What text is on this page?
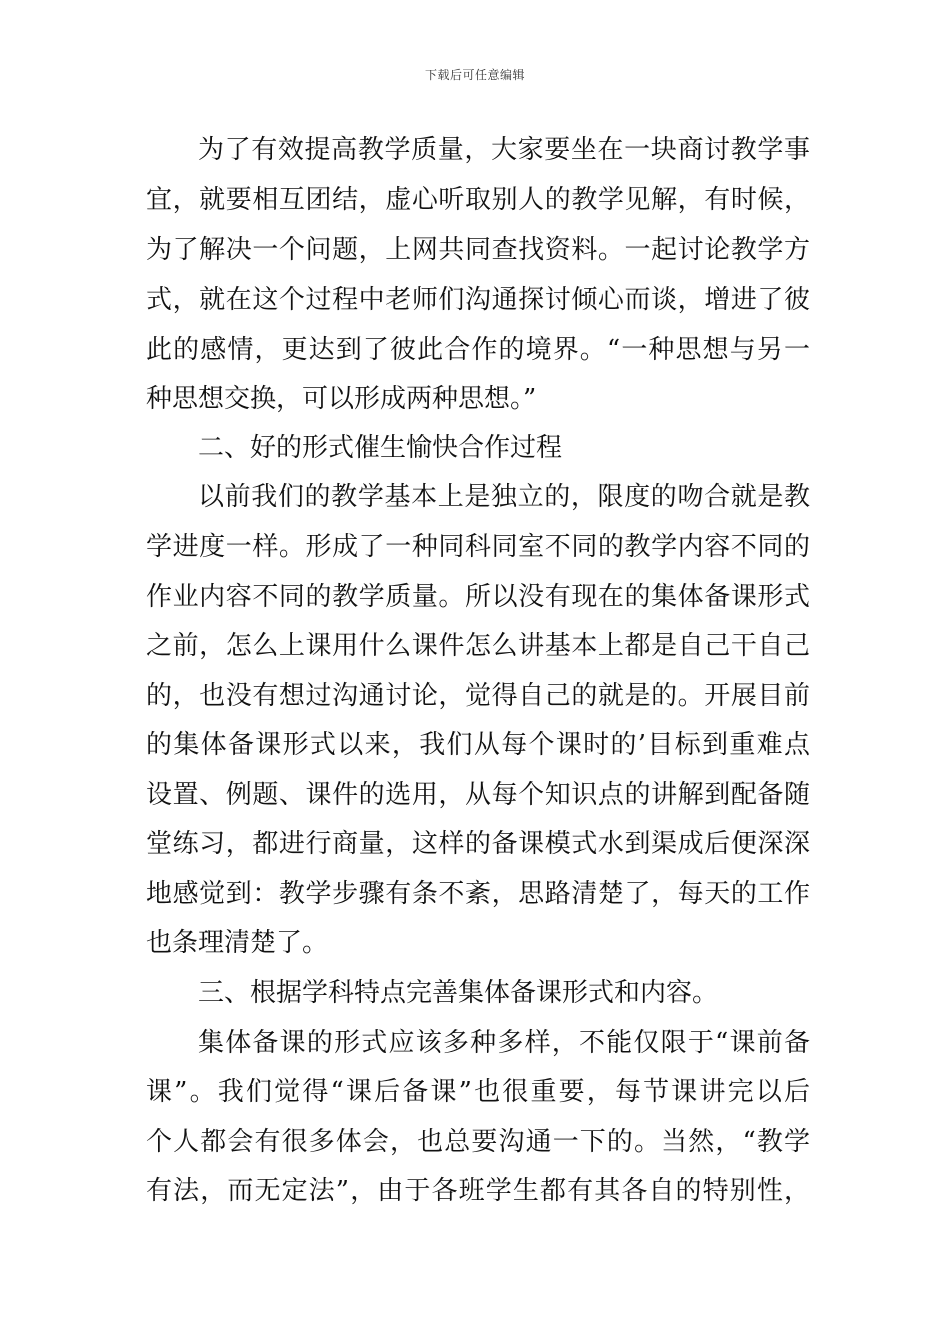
下载后可任意编辑
为了有效提高教学质量，大家要坐在一块商讨教学事
宜，就要相互团结，虚心听取别人的教学见解，有时候，
为了解决一个问题，上网共同查找资料。一起讨论教学方
式，就在这个过程中老师们沟通探讨倾心而谈，增进了彼
此的感情，更达到了彼此合作的境界。“一种思想与另一
种思想交换，可以形成两种思想。”
二、好的形式催生愉快合作过程
以前我们的教学基本上是独立的，限度的吻合就是教
学进度一样。形成了一种同科同室不同的教学内容不同的
作业内容不同的教学质量。所以没有现在的集体备课形式
之前，怎么上课用什么课件怎么讲基本上都是自己干自己
的，也没有想过沟通讨论，觉得自己的就是的。开展目前
的集体备课形式以来，我们从每个课时的’目标到重难点
设置、例题、课件的选用，从每个知识点的讲解到配备随
堂练习，都进行商量，这样的备课模式水到渠成后便深深
地感觉到：教学步骤有条不紊，思路清楚了，每天的工作
也条理清楚了。
三、根据学科特点完善集体备课形式和内容。
集体备课的形式应该多种多样，不能仅限于“课前备
课”。我们觉得“课后备课”也很重要，每节课讲完以后
个人都会有很多体会，也总要沟通一下的。当然，“教学
有法，而无定法”，由于各班学生都有其各自的特别性，
